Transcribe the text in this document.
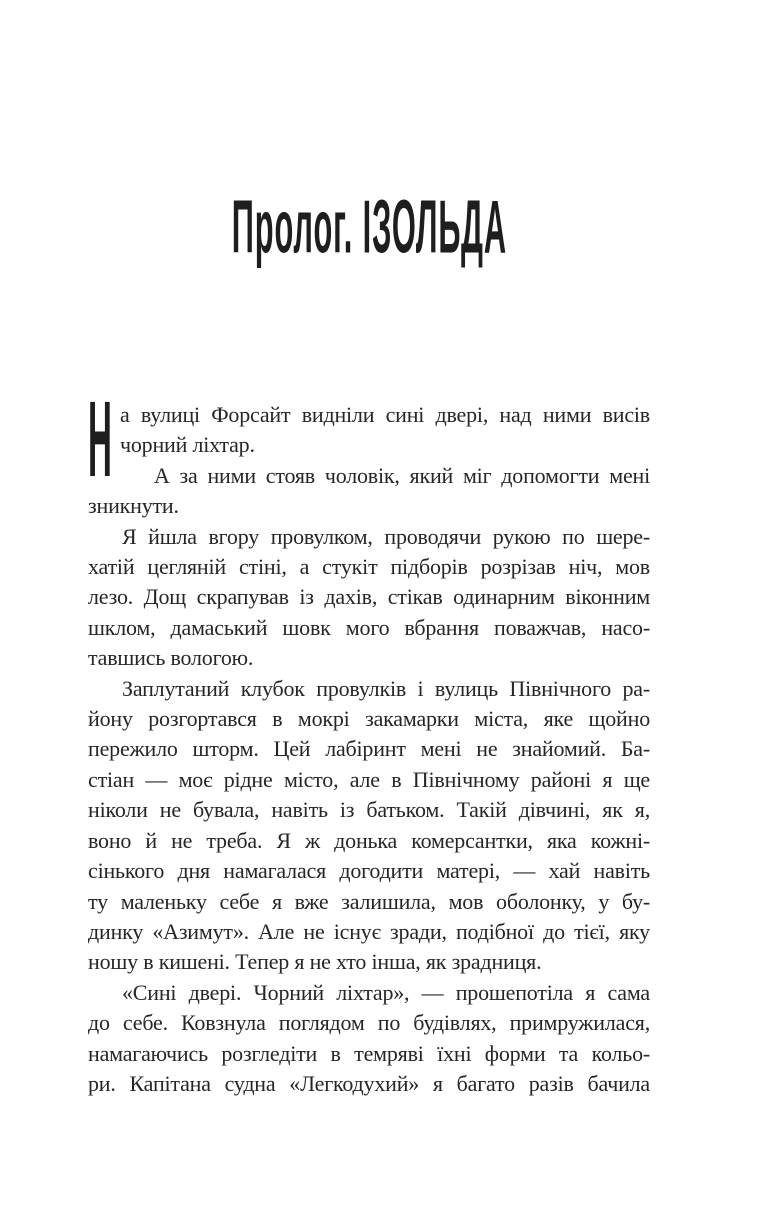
Пролог. ІЗОЛЬДА
Н а вулиці Форсайт видніли сині двері, над ними висів
чорний ліхтар.
А за ними стояв чоловік, який міг допомогти мені
зникнути.
Я йшла вгору провулком, проводячи рукою по шере-
хатій цегляній стіні, а стукіт підборів розрізав ніч, мов
лезо. Дощ скрапував із дахів, стікав одинарним віконним
шклом, дамаський шовк мого вбрання поважчав, насо-
тавшись вологою.
Заплутаний клубок провулків і вулиць Північного ра-
йону розгортався в мокрі закамарки міста, яке щойно
пережило шторм. Цей лабіринт мені не знайомий. Ба-
стіан — моє рідне місто, але в Північному районі я ще
ніколи не бувала, навіть із батьком. Такій дівчині, як я,
воно й не треба. Я ж донька комерсантки, яка кожні-
сінького дня намагалася догодити матері, — хай навіть
ту маленьку себе я вже залишила, мов оболонку, у бу-
динку «Азимут». Але не існує зради, подібної до тієї, яку
ношу в кишені. Тепер я не хто інша, як зрадниця.
«Сині двері. Чорний ліхтар», — прошепотіла я сама
до себе. Ковзнула поглядом по будівлях, примружилася,
намагаючись розгледіти в темряві їхні форми та кольо-
ри. Капітана судна «Легкодухий» я багато разів бачила
